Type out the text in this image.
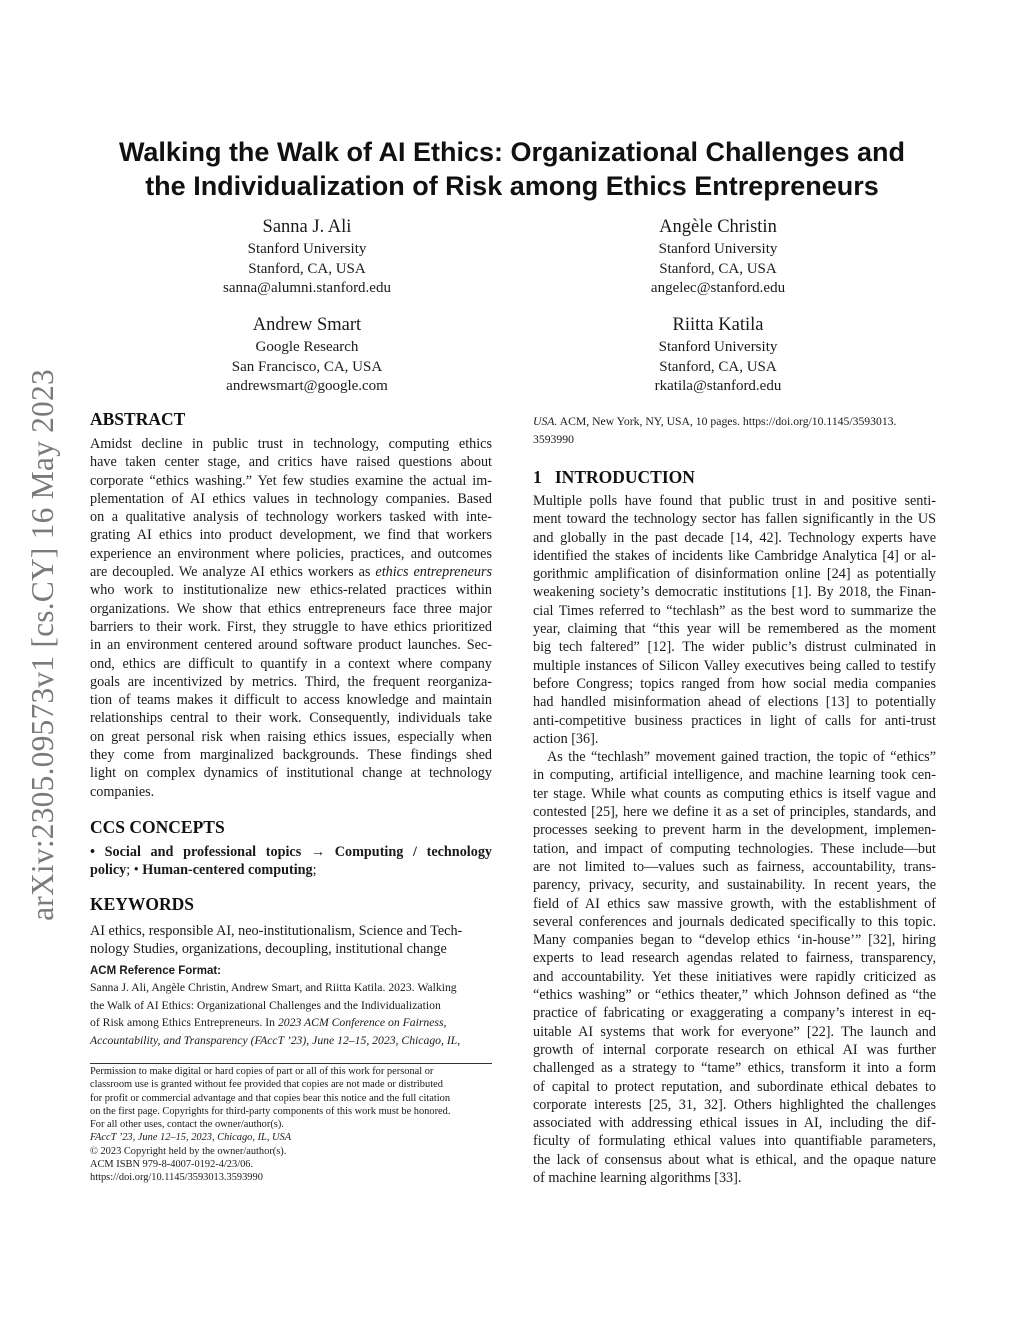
arXiv:2305.09573v1 [cs.CY] 16 May 2023
Walking the Walk of AI Ethics: Organizational Challenges and
the Individualization of Risk among Ethics Entrepreneurs
Sanna J. Ali
Stanford University
Stanford, CA, USA
sanna@alumni.stanford.edu
Angèle Christin
Stanford University
Stanford, CA, USA
angelec@stanford.edu
Andrew Smart
Google Research
San Francisco, CA, USA
andrewsmart@google.com
Riitta Katila
Stanford University
Stanford, CA, USA
rkatila@stanford.edu
ABSTRACT
Amidst decline in public trust in technology, computing ethics
have taken center stage, and critics have raised questions about
corporate “ethics washing.” Yet few studies examine the actual im-
plementation of AI ethics values in technology companies. Based
on a qualitative analysis of technology workers tasked with inte-
grating AI ethics into product development, we find that workers
experience an environment where policies, practices, and outcomes
are decoupled. We analyze AI ethics workers as ethics entrepreneurs
who work to institutionalize new ethics-related practices within
organizations. We show that ethics entrepreneurs face three major
barriers to their work. First, they struggle to have ethics prioritized
in an environment centered around software product launches. Sec-
ond, ethics are difficult to quantify in a context where company
goals are incentivized by metrics. Third, the frequent reorganiza-
tion of teams makes it difficult to access knowledge and maintain
relationships central to their work. Consequently, individuals take
on great personal risk when raising ethics issues, especially when
they come from marginalized backgrounds. These findings shed
light on complex dynamics of institutional change at technology
companies.
CCS CONCEPTS
• Social and professional topics → Computing / technology
policy; • Human-centered computing;
KEYWORDS
AI ethics, responsible AI, neo-institutionalism, Science and Tech-
nology Studies, organizations, decoupling, institutional change
ACM Reference Format:
Sanna J. Ali, Angèle Christin, Andrew Smart, and Riitta Katila. 2023. Walking
the Walk of AI Ethics: Organizational Challenges and the Individualization
of Risk among Ethics Entrepreneurs. In 2023 ACM Conference on Fairness,
Accountability, and Transparency (FAccT ’23), June 12–15, 2023, Chicago, IL,
Permission to make digital or hard copies of part or all of this work for personal or
classroom use is granted without fee provided that copies are not made or distributed
for profit or commercial advantage and that copies bear this notice and the full citation
on the first page. Copyrights for third-party components of this work must be honored.
For all other uses, contact the owner/author(s).
FAccT ’23, June 12–15, 2023, Chicago, IL, USA
© 2023 Copyright held by the owner/author(s).
ACM ISBN 979-8-4007-0192-4/23/06.
https://doi.org/10.1145/3593013.3593990
USA. ACM, New York, NY, USA, 10 pages. https://doi.org/10.1145/3593013.
3593990
1 INTRODUCTION
Multiple polls have found that public trust in and positive senti-
ment toward the technology sector has fallen significantly in the US
and globally in the past decade [14, 42]. Technology experts have
identified the stakes of incidents like Cambridge Analytica [4] or al-
gorithmic amplification of disinformation online [24] as potentially
weakening society’s democratic institutions [1]. By 2018, the Finan-
cial Times referred to “techlash” as the best word to summarize the
year, claiming that “this year will be remembered as the moment
big tech faltered” [12]. The wider public’s distrust culminated in
multiple instances of Silicon Valley executives being called to testify
before Congress; topics ranged from how social media companies
had handled misinformation ahead of elections [13] to potentially
anti-competitive business practices in light of calls for anti-trust
action [36].
As the “techlash” movement gained traction, the topic of “ethics”
in computing, artificial intelligence, and machine learning took cen-
ter stage. While what counts as computing ethics is itself vague and
contested [25], here we define it as a set of principles, standards, and
processes seeking to prevent harm in the development, implemen-
tation, and impact of computing technologies. These include—but
are not limited to—values such as fairness, accountability, trans-
parency, privacy, security, and sustainability. In recent years, the
field of AI ethics saw massive growth, with the establishment of
several conferences and journals dedicated specifically to this topic.
Many companies began to “develop ethics ‘in-house’” [32], hiring
experts to lead research agendas related to fairness, transparency,
and accountability. Yet these initiatives were rapidly criticized as
“ethics washing” or “ethics theater,” which Johnson defined as “the
practice of fabricating or exaggerating a company’s interest in eq-
uitable AI systems that work for everyone” [22]. The launch and
growth of internal corporate research on ethical AI was further
challenged as a strategy to “tame” ethics, transform it into a form
of capital to protect reputation, and subordinate ethical debates to
corporate interests [25, 31, 32]. Others highlighted the challenges
associated with addressing ethical issues in AI, including the dif-
ficulty of formulating ethical values into quantifiable parameters,
the lack of consensus about what is ethical, and the opaque nature
of machine learning algorithms [33].
